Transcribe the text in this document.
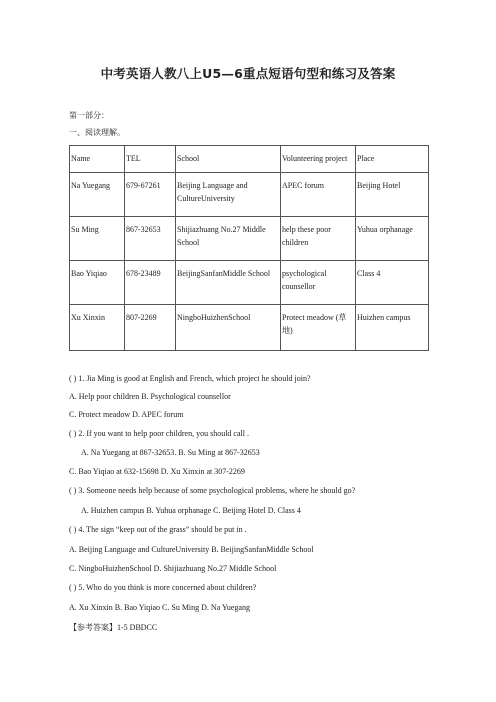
中考英语人教八上U5—6重点短语句型和练习及答案
第一部分：
一、阅读理解。
Name	TEL	School	Volunteering project	Place
Na Yuegang	679-67261	Beijing Language and CultureUniversity	APEC forum	Beijing Hotel
Su Ming	867-32653	Shijiazhuang No.27 Middle School	help these poor children	Yuhua orphanage
Bao Yiqiao	678-23489	BeijingSanfanMiddle School	psychological counsellor	Class 4
Xu Xinxin	807-2269	NingboHuizhenSchool	Protect meadow (草地)	Huizhen campus
( ) 1. Jia Ming is good at English and French, which project he should join?
A. Help poor children B. Psychological counsellor
C. Protect meadow D. APEC forum
( ) 2. If you want to help poor children, you should call .
A. Na Yuegang at 867-32653. B. Su Ming at 867-32653
C. Bao Yiqiao at 632-15698 D. Xu Xinxin at 307-2269
( ) 3. Someone needs help because of some psychological problems, where he should go?
A. Huizhen campus B. Yuhua orphanage C. Beijing Hotel D. Class 4
( ) 4. The sign “keep out of the grass” should be put in .
A. Beijing Language and CultureUniversity B. BeijingSanfanMiddle School
C. NingboHuizhenSchool D. Shijiazhuang No.27 Middle School
( ) 5. Who do you think is more concerned about children?
A. Xu Xinxin B. Bao Yiqiao C. Su Ming D. Na Yuegang
【参考答案】1-5 DBDCC
